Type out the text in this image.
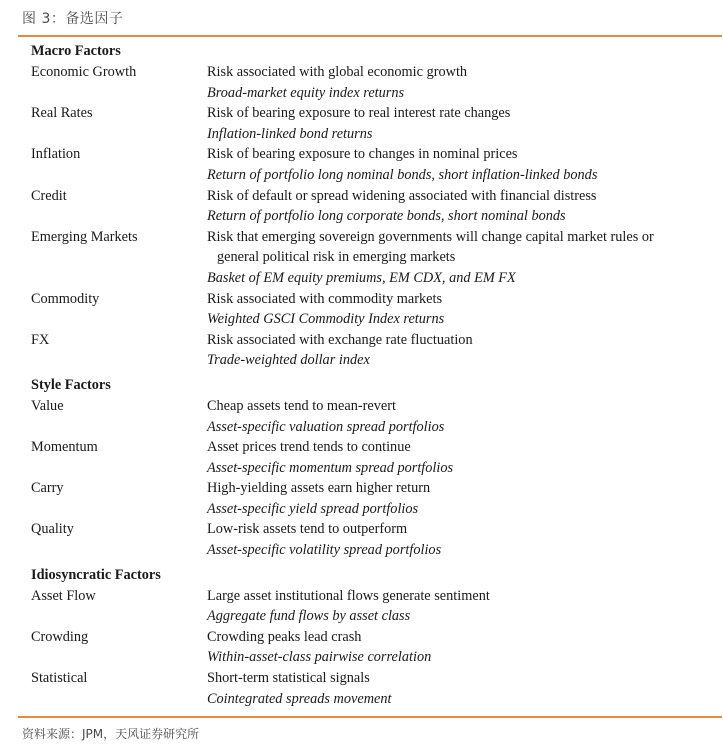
图 3：备选因子
Macro Factors
Economic Growth	Risk associated with global economic growth
Broad-market equity index returns
Real Rates	Risk of bearing exposure to real interest rate changes
Inflation-linked bond returns
Inflation	Risk of bearing exposure to changes in nominal prices
Return of portfolio long nominal bonds, short inflation-linked bonds
Credit	Risk of default or spread widening associated with financial distress
Return of portfolio long corporate bonds, short nominal bonds
Emerging Markets	Risk that emerging sovereign governments will change capital market rules or general political risk in emerging markets
Basket of EM equity premiums, EM CDX, and EM FX
Commodity	Risk associated with commodity markets
Weighted GSCI Commodity Index returns
FX	Risk associated with exchange rate fluctuation
Trade-weighted dollar index
Style Factors
Value	Cheap assets tend to mean-revert
Asset-specific valuation spread portfolios
Momentum	Asset prices trend tends to continue
Asset-specific momentum spread portfolios
Carry	High-yielding assets earn higher return
Asset-specific yield spread portfolios
Quality	Low-risk assets tend to outperform
Asset-specific volatility spread portfolios
Idiosyncratic Factors
Asset Flow	Large asset institutional flows generate sentiment
Aggregate fund flows by asset class
Crowding	Crowding peaks lead crash
Within-asset-class pairwise correlation
Statistical	Short-term statistical signals
Cointegrated spreads movement
资料来源：JPM，天风证券研究所
